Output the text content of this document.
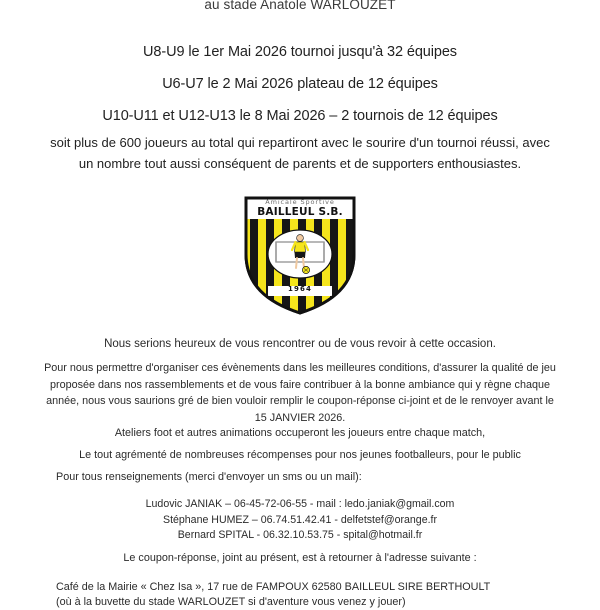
au stade Anatole WARLOUZET
U8-U9 le 1er Mai 2026 tournoi jusqu'à 32 équipes
U6-U7 le 2 Mai 2026 plateau de 12 équipes
U10-U11 et U12-U13 le 8 Mai 2026 – 2 tournois de 12 équipes
soit plus de 600 joueurs au total qui repartiront avec le sourire d'un tournoi réussi, avec un nombre tout aussi conséquent de parents et de supporters enthousiastes.
Amicale Sportive
BAILLEUL S.B.
1964
Nous serions heureux de vous rencontrer ou de vous revoir à cette occasion.
Pour nous permettre d'organiser ces évènements dans les meilleures conditions, d'assurer la qualité de jeu proposée dans nos rassemblements et de vous faire contribuer à la bonne ambiance qui y règne chaque année, nous vous saurions gré de bien vouloir remplir le coupon-réponse ci-joint et de le renvoyer avant le 15 JANVIER 2026.
Ateliers foot et autres animations occuperont les joueurs entre chaque match,
Le tout agrémenté de nombreuses récompenses pour nos jeunes footballeurs, pour le public
Pour tous renseignements (merci d'envoyer un sms ou un mail):
Ludovic JANIAK – 06-45-72-06-55 - mail : ledo.janiak@gmail.com
Stéphane HUMEZ – 06.74.51.42.41 - delfetstef@orange.fr
Bernard SPITAL - 06.32.10.53.75 - spital@hotmail.fr
Le coupon-réponse, joint au présent, est à retourner à l'adresse suivante :
Café de la Mairie « Chez Isa », 17 rue de FAMPOUX 62580 BAILLEUL SIRE BERTHOULT
(où à la buvette du stade WARLOUZET si d'aventure vous venez y jouer)
